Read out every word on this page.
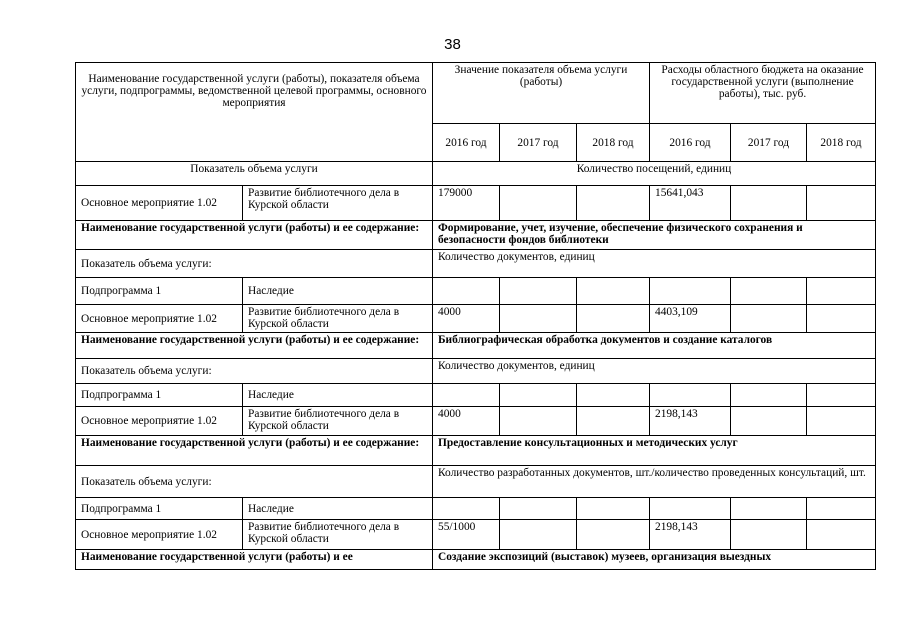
38
Наименование государственной услуги (работы), показателя объема услуги, подпрограммы, ведомственной целевой программы, основного мероприятия		Значение показателя объема услуги (работы)			Расходы областного бюджета на оказание государственной услуги (выполнение работы), тыс. руб.		
		2016 год	2017 год	2018 год	2016 год	2017 год	2018 год
Показатель объема услуги		Количество посещений, единиц					
Основное мероприятие 1.02	Развитие библиотечного дела в Курской области	179000			15641,043		
Наименование государственной услуги (работы) и ее содержание:		Формирование, учет, изучение, обеспечение физического сохранения и безопасности фондов библиотеки					
Показатель объема услуги:		Количество документов, единиц					
Подпрограмма 1	Наследие						
Основное мероприятие 1.02	Развитие библиотечного дела в Курской области	4000			4403,109		
Наименование государственной услуги (работы) и ее содержание:		Библиографическая обработка документов и создание каталогов					
Показатель объема услуги:		Количество документов, единиц					
Подпрограмма 1	Наследие						
Основное мероприятие 1.02	Развитие библиотечного дела в Курской области	4000			2198,143		
Наименование государственной услуги (работы) и ее содержание:		Предоставление консультационных и методических услуг					
Показатель объема услуги:		Количество разработанных документов, шт./количество проведенных консультаций, шт.					
Подпрограмма 1	Наследие						
Основное мероприятие 1.02	Развитие библиотечного дела в Курской области	55/1000			2198,143		
Наименование государственной услуги (работы) и ее		Создание экспозиций (выставок) музеев, организация выездных					
